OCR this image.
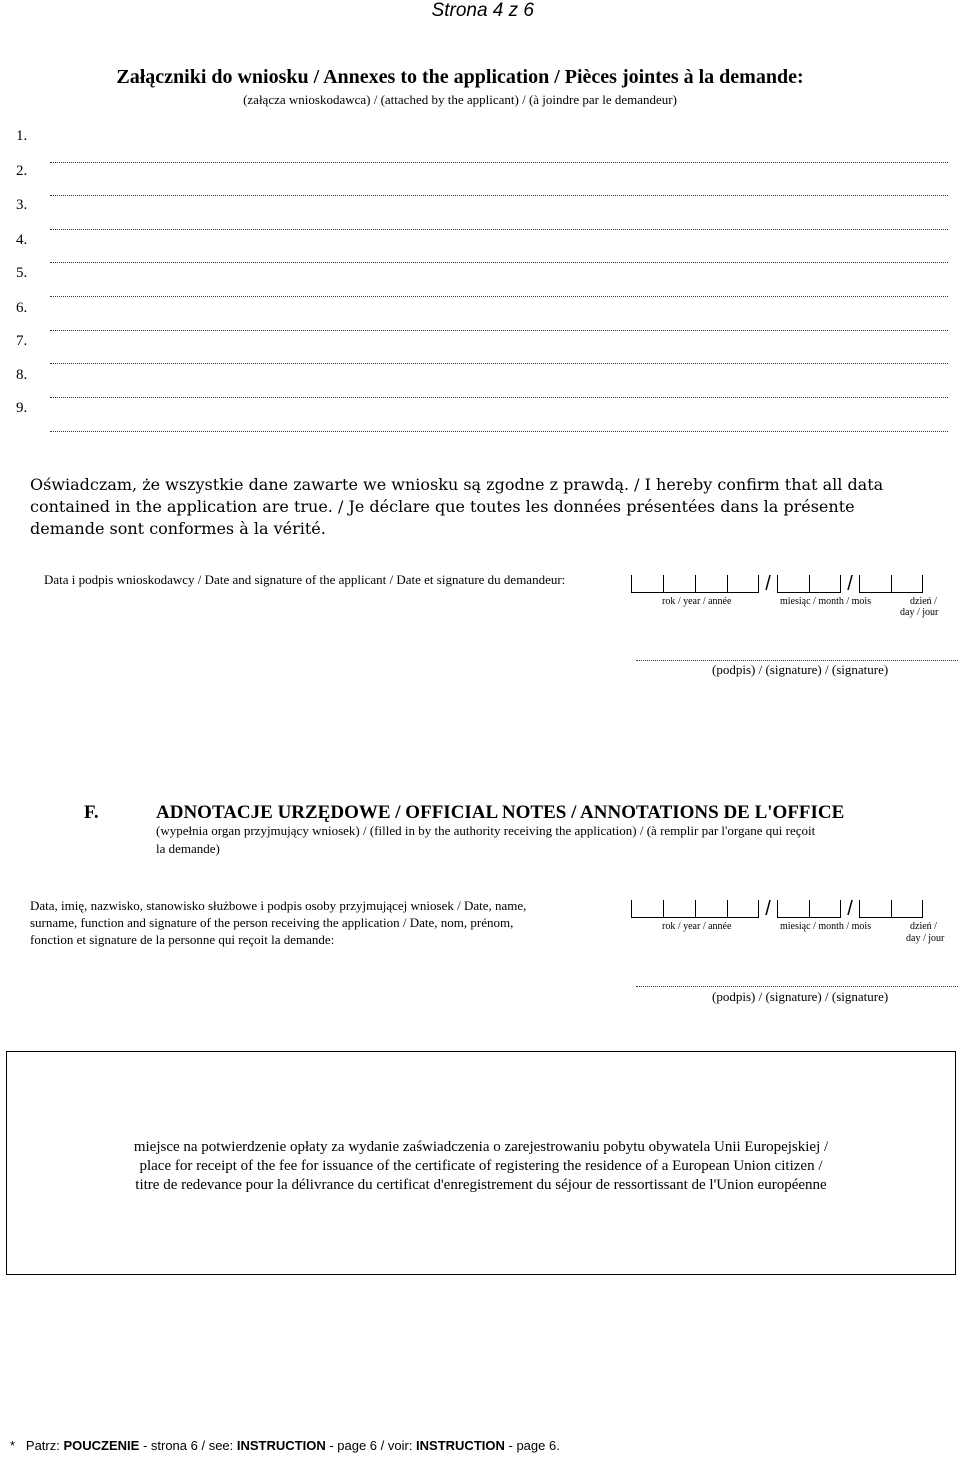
Strona 4 z 6
Załączniki do wniosku / Annexes to the application / Pièces jointes à la demande:
(załącza wnioskodawca) / (attached by the applicant) / (à joindre par le demandeur)
1.
2.
3.
4.
5.
6.
7.
8.
9.
Oświadczam, że wszystkie dane zawarte we wniosku są zgodne z prawdą. / I hereby confirm that all data contained in the application are true. / Je déclare que toutes les données présentées dans la présente demande sont conformes à la vérité.
Data i podpis wnioskodawcy / Date and signature of the applicant / Date et signature du demandeur:	/	/
rok / year / année	miesiąc / month / mois	dzień /
day / jour
(podpis) / (signature) / (signature)
F.	ADNOTACJE URZĘDOWE / OFFICIAL NOTES / ANNOTATIONS DE L'OFFICE
(wypełnia organ przyjmujący wniosek) / (filled in by the authority receiving the application) / (à remplir par l'organe qui reçoit
la demande)
Data, imię, nazwisko, stanowisko służbowe i podpis osoby przyjmującej wniosek / Date, name,
surname, function and signature of the person receiving the application / Date, nom, prénom,
fonction et signature de la personne qui reçoit la demande:
/	/
rok / year / année	miesiąc / month / mois	dzień /
day / jour
(podpis) / (signature) / (signature)
miejsce na potwierdzenie opłaty za wydanie zaświadczenia o zarejestrowaniu pobytu obywatela Unii Europejskiej /
place for receipt of the fee for issuance of the certificate of registering the residence of a European Union citizen /
titre de redevance pour la délivrance du certificat d'enregistrement du séjour de ressortissant de l'Union européenne
* Patrz: POUCZENIE - strona 6 / see: INSTRUCTION - page 6 / voir: INSTRUCTION - page 6.
